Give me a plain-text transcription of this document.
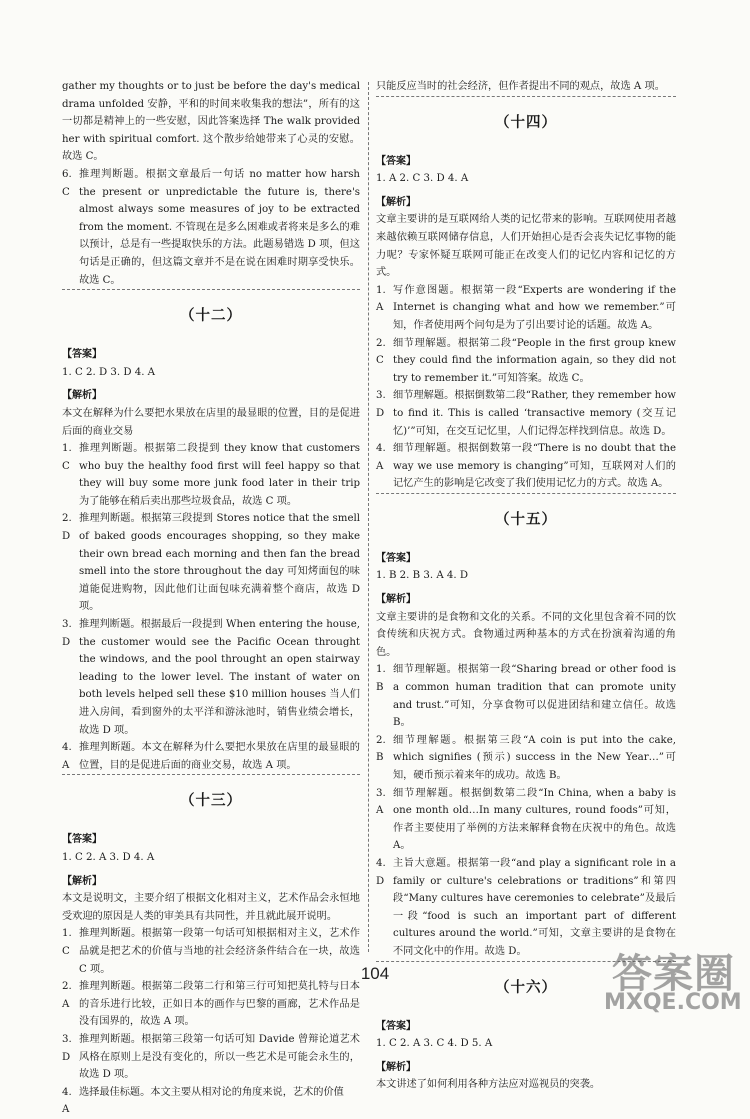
gather my thoughts or to just be before the day's medical drama unfolded 安静，平和的时间来收集我的想法”，所有的这一切都是精神上的一些安慰，因此答案选择 The walk provided her with spiritual comfort. 这个散步给她带来了心灵的安慰。故选 C。

6. C
推理判断题。根据文章最后一句话 no matter how harsh the present or unpredictable the future is, there's almost always some measures of joy to be extracted from the moment. 不管现在是多么困难或者将来是多么的难以预计，总是有一些提取快乐的方法。此题易错选 D 项，但这句话是正确的，但这篇文章并不是在说在困难时期享受快乐。故选 C。
（十二）
【答案】

1. C 2. D 3. D 4. A

【解析】

本文在解释为什么要把水果放在店里的最显眼的位置，目的是促进后面的商业交易

1. C
推理判断题。根据第二段提到 they know that customers who buy the healthy food first will feel happy so that they will buy some more junk food later in their trip 为了能够在稍后卖出那些垃圾食品，故选 C 项。
2. D
推理判断题。根据第三段提到 Stores notice that the smell of baked goods encourages shopping, so they make their own bread each morning and then fan the bread smell into the store throughout the day 可知烤面包的味道能促进购物，因此他们让面包味充满着整个商店，故选 D 项。
3. D
推理判断题。根据最后一段提到 When entering the house, the customer would see the Pacific Ocean throught the windows, and the pool throught an open stairway leading to the lower level. The instant of water on both levels helped sell these $10 million houses 当人们进入房间，看到窗外的太平洋和游泳池时，销售业绩会增长，故选 D 项。
4. A
推理判断题。本文在解释为什么要把水果放在店里的最显眼的位置，目的是促进后面的商业交易，故选 A 项。
（十三）
【答案】

1. C 2. A 3. D 4. A

【解析】

本文是说明文，主要介绍了根据文化相对主义，艺术作品会永恒地受欢迎的原因是人类的审美具有共同性，并且就此展开说明。

1. C
推理判断题。根据第一段第一句话可知根据相对主义，艺术作品就是把艺术的价值与当地的社会经济条件结合在一块，故选 C 项。
2. A
推理判断题。根据第二段第二行和第三行可知把莫扎特与日本的音乐进行比较，正如日本的画作与巴黎的画廊，艺术作品是没有国界的，故选 A 项。
3. D
推理判断题。根据第三段第一句话可知 Davide 曾辩论道艺术风格在原则上是没有变化的，所以一些艺术是可能会永生的，故选 D 项。
4. A
选择最佳标题。本文主要从相对论的角度来说，艺术的价值

只能反应当时的社会经济，但作者提出不同的观点，故选 A 项。

（十四）
【答案】

1. A 2. C 3. D 4. A

【解析】

文章主要讲的是互联网给人类的记忆带来的影响。互联网使用者越来越依赖互联网储存信息，人们开始担心是否会丧失记忆事物的能力呢？专家怀疑互联网可能正在改变人们的记忆内容和记忆的方式。

1. A
写作意图题。根据第一段“Experts are wondering if the Internet is changing what and how we remember.”可知，作者使用两个问句是为了引出要讨论的话题。故选 A。
2. C
细节理解题。根据第二段“People in the first group knew they could find the information again, so they did not try to remember it.”可知答案。故选 C。
3. D
细节理解题。根据倒数第二段“Rather, they remember how to find it. This is called ‘transactive memory (交互记忆)’”可知，在交互记忆里，人们记得怎样找到信息。故选 D。
4. A
细节理解题。根据倒数第一段“There is no doubt that the way we use memory is changing”可知，互联网对人们的记忆产生的影响是它改变了我们使用记忆力的方式。故选 A。
（十五）
【答案】

1. B 2. B 3. A 4. D

【解析】

文章主要讲的是食物和文化的关系。不同的文化里包含着不同的饮食传统和庆祝方式。食物通过两种基本的方式在扮演着沟通的角色。

1. B
细节理解题。根据第一段“Sharing bread or other food is a common human tradition that can promote unity and trust.”可知，分享食物可以促进团结和建立信任。故选 B。
2. B
细节理解题。根据第三段“A coin is put into the cake, which signifies (预示) success in the New Year…”可知，硬币预示着来年的成功。故选 B。
3. A
细节理解题。根据倒数第二段“In China, when a baby is one month old…In many cultures, round foods”可知，作者主要使用了举例的方法来解释食物在庆祝中的角色。故选 A。
4. D
主旨大意题。根据第一段“and play a significant role in a family or culture's celebrations or traditions”和第四段“Many cultures have ceremonies to celebrate”及最后一段“food is such an important part of different cultures around the world.”可知，文章主要讲的是食物在不同文化中的作用。故选 D。
（十六）
【答案】

1. C 2. A 3. C 4. D 5. A

【解析】

本文讲述了如何利用各种方法应对巡视员的突袭。

104	答案圈
MXQE.COM
